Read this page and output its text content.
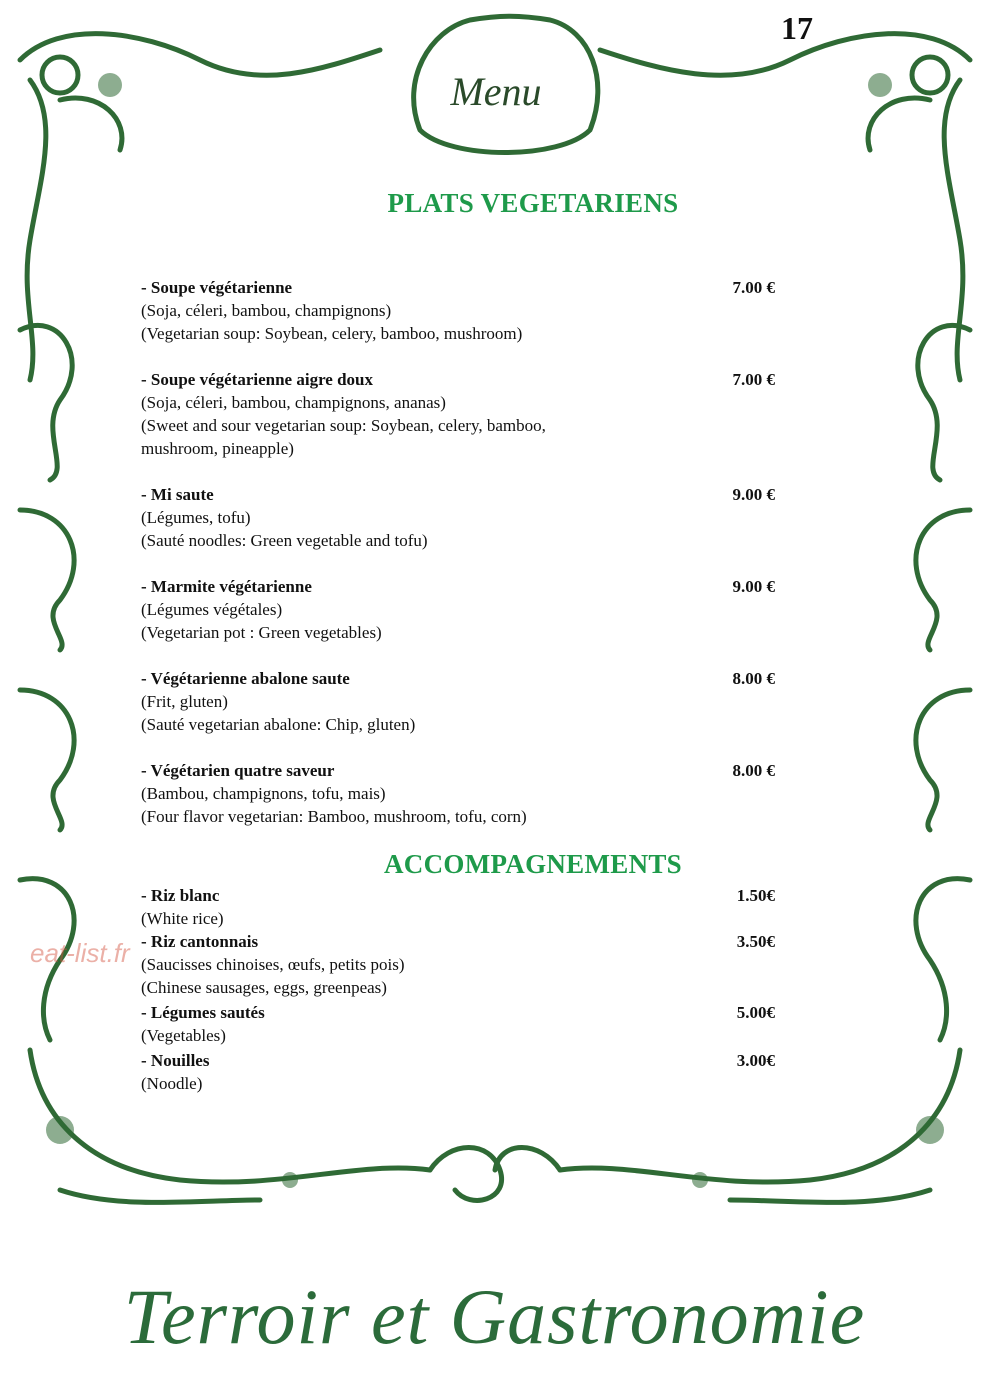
17
Menu
PLATS VEGETARIENS
- Soupe végétarienne	7.00 €
(Soja, céleri, bambou, champignons)
(Vegetarian soup: Soybean, celery, bamboo, mushroom)
- Soupe végétarienne aigre doux	7.00 €
(Soja, céleri, bambou, champignons, ananas)
(Sweet and sour vegetarian soup: Soybean, celery, bamboo,
mushroom, pineapple)
- Mi saute	9.00 €
(Légumes, tofu)
(Sauté noodles: Green vegetable and tofu)
- Marmite végétarienne	9.00 €
(Légumes végétales)
(Vegetarian pot : Green vegetables)
- Végétarienne abalone saute	8.00 €
(Frit, gluten)
(Sauté vegetarian abalone: Chip, gluten)
- Végétarien quatre saveur	8.00 €
(Bambou, champignons, tofu, mais)
(Four flavor vegetarian: Bamboo, mushroom, tofu, corn)
ACCOMPAGNEMENTS
- Riz blanc	1.50€
(White rice)
- Riz cantonnais	3.50€
(Saucisses chinoises, œufs, petits pois)
(Chinese sausages, eggs, greenpeas)
- Légumes sautés	5.00€
(Vegetables)
- Nouilles	3.00€
(Noodle)
eat-list.fr
Terroir et Gastronomie
